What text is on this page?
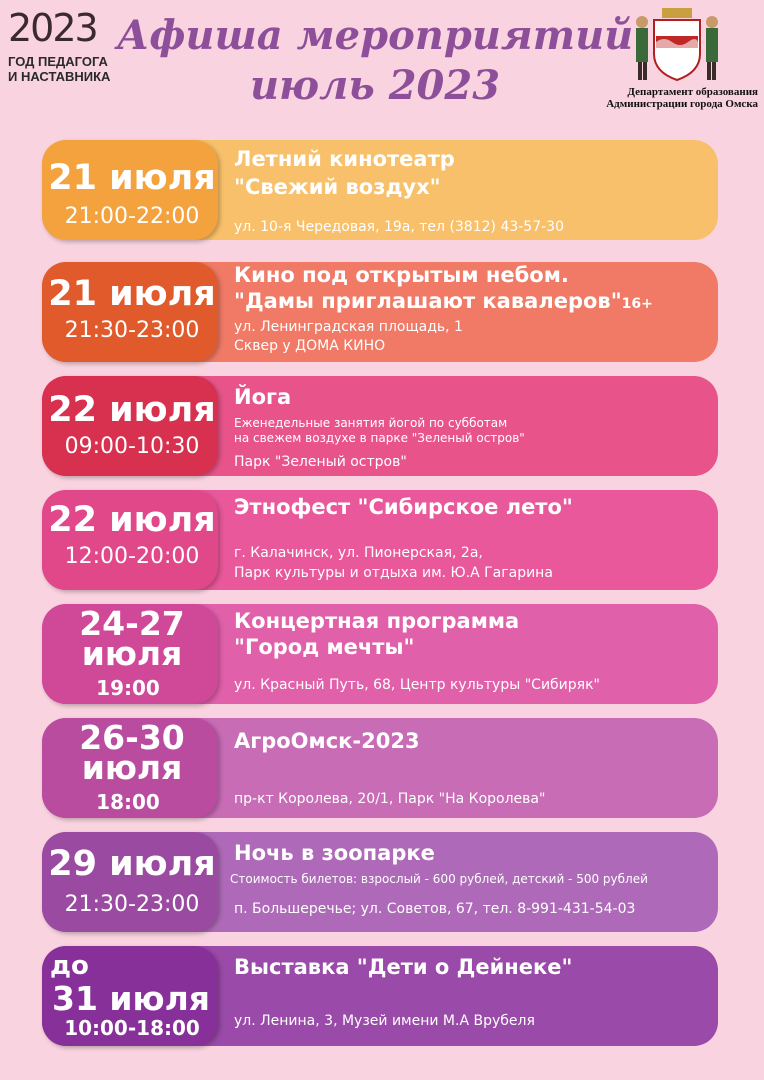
2023
ГОД ПЕДАГОГА
И НАСТАВНИКА
Афиша мероприятий
июль 2023	Департамент образования
Администрации города Омска
21 июля
21:00-22:00
Летний кинотеатр
"Свежий воздух"
ул. 10-я Чередовая, 19а, тел (3812) 43-57-30
21 июля
21:30-23:00
Кино под открытым небом.
"Дамы приглашают кавалеров"16+
ул. Ленинградская площадь, 1
Сквер у ДОМА КИНО
22 июля
09:00-10:30
Йога
Еженедельные занятия йогой по субботам
на свежем воздухе в парке "Зеленый остров"
Парк "Зеленый остров"
22 июля
12:00-20:00
Этнофест "Сибирское лето"
г. Калачинск, ул. Пионерская, 2а,
Парк культуры и отдыха им. Ю.А Гагарина
24-27
июля
19:00
Концертная программа
"Город мечты"
ул. Красный Путь, 68, Центр культуры "Сибиряк"
26-30
июля
18:00
АгроОмск-2023
пр-кт Королева, 20/1, Парк "На Королева"
29 июля
21:30-23:00
Ночь в зоопарке
Стоимость билетов: взрослый - 600 рублей, детский - 500 рублей
п. Большеречье; ул. Советов, 67, тел. 8-991-431-54-03
до
31 июля
10:00-18:00
Выставка "Дети о Дейнеке"
ул. Ленина, 3, Музей имени М.А Врубеля
